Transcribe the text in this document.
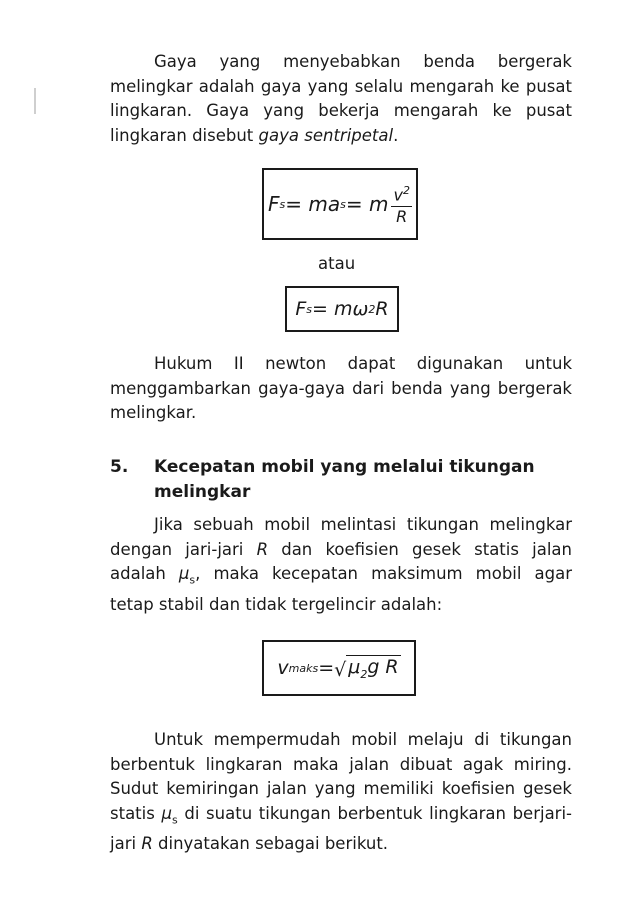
Gaya yang menyebabkan benda bergerak melingkar adalah gaya yang selalu mengarah ke pusat lingkaran. Gaya yang bekerja mengarah ke pusat lingkaran disebut gaya sentripetal.

F s = ma s = m $\frac{v^2}{R}$
atau
F s = mω 2 R

Hukum II newton dapat digunakan untuk menggambarkan gaya-gaya dari benda yang bergerak melingkar.

5. Kecepatan mobil yang melalui tikungan melingkar

Jika sebuah mobil melintasi tikungan melingkar dengan jari-jari R dan koefisien gesek statis jalan adalah $\mu_s$, maka kecepatan maksimum mobil agar tetap stabil dan tidak tergelincir adalah:

v maks = √ $\mu_2g$ R

Untuk mempermudah mobil melaju di tikungan berbentuk lingkaran maka jalan dibuat agak miring. Sudut kemiringan jalan yang memiliki koefisien gesek statis $\mu_s$ di suatu tikungan berbentuk lingkaran berjari-jari R dinyatakan sebagai berikut.
